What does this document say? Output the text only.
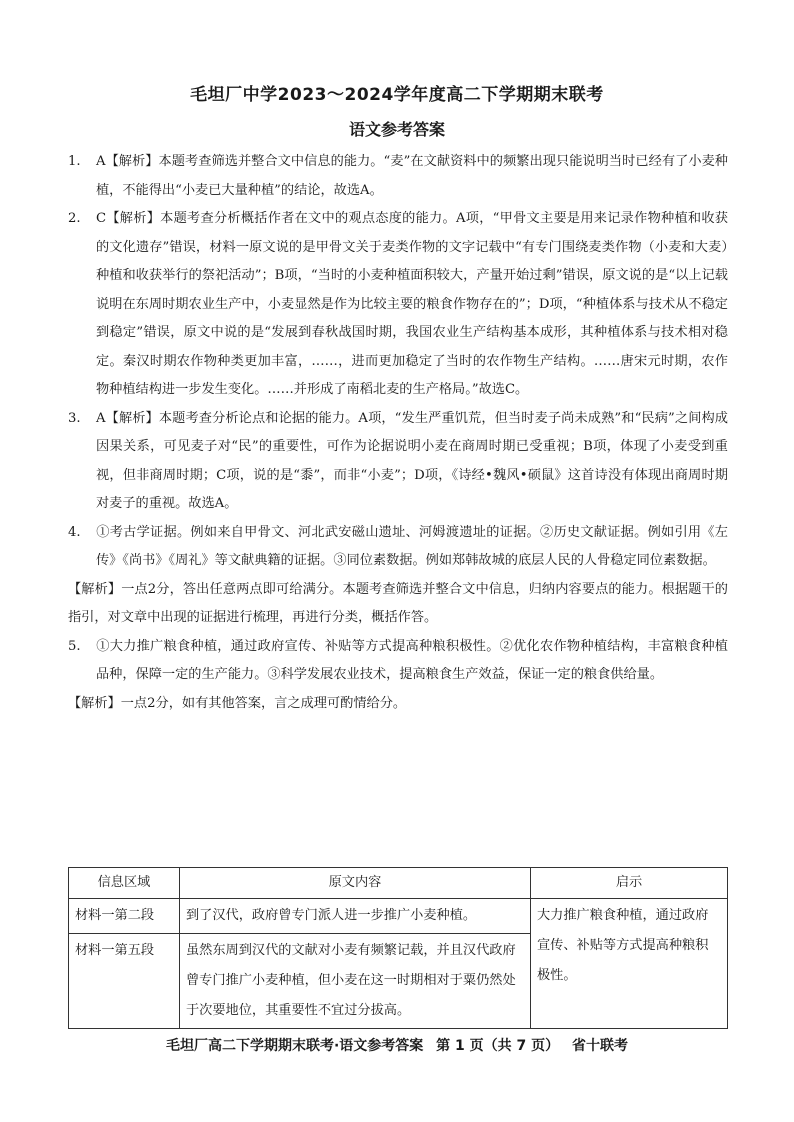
毛坦厂中学2023～2024学年度高二下学期期末联考
语文参考答案
1. A【解析】本题考查筛选并整合文中信息的能力。“麦”在文献资料中的频繁出现只能说明当时已经有了小麦种植，不能得出“小麦已大量种植”的结论，故选A。
2. C【解析】本题考查分析概括作者在文中的观点态度的能力。A项，“甲骨文主要是用来记录作物种植和收获的文化遗存”错误，材料一原文说的是甲骨文关于麦类作物的文字记载中“有专门围绕麦类作物（小麦和大麦）种植和收获举行的祭祀活动”；B项，“当时的小麦种植面积较大，产量开始过剩”错误，原文说的是“以上记载说明在东周时期农业生产中，小麦显然是作为比较主要的粮食作物存在的”；D项，“种植体系与技术从不稳定到稳定”错误，原文中说的是“发展到春秋战国时期，我国农业生产结构基本成形，其种植体系与技术相对稳定。秦汉时期农作物种类更加丰富，……，进而更加稳定了当时的农作物生产结构。……唐宋元时期，农作物种植结构进一步发生变化。……并形成了南稻北麦的生产格局。”故选C。
3. A【解析】本题考查分析论点和论据的能力。A项，“发生严重饥荒，但当时麦子尚未成熟”和“民病”之间构成因果关系，可见麦子对“民”的重要性，可作为论据说明小麦在商周时期已受重视；B项，体现了小麦受到重视，但非商周时期；C项，说的是“黍”，而非“小麦”；D项，《诗经•魏风•硕鼠》这首诗没有体现出商周时期对麦子的重视。故选A。
4. ①考古学证据。例如来自甲骨文、河北武安磁山遗址、河姆渡遗址的证据。②历史文献证据。例如引用《左传》《尚书》《周礼》等文献典籍的证据。③同位素数据。例如郑韩故城的底层人民的人骨稳定同位素数据。
【解析】一点2分，答出任意两点即可给满分。本题考查筛选并整合文中信息，归纳内容要点的能力。根据题干的指引，对文章中出现的证据进行梳理，再进行分类，概括作答。
5. ①大力推广粮食种植，通过政府宣传、补贴等方式提高种粮积极性。②优化农作物种植结构，丰富粮食种植品种，保障一定的生产能力。③科学发展农业技术，提高粮食生产效益，保证一定的粮食供给量。
【解析】一点2分，如有其他答案，言之成理可酌情给分。
信息区域	原文内容	启示
材料一第二段	到了汉代，政府曾专门派人进一步推广小麦种植。	大力推广粮食种植，通过政府宣传、补贴等方式提高种粮积极性。
材料一第五段	虽然东周到汉代的文献对小麦有频繁记载，并且汉代政府曾专门推广小麦种植，但小麦在这一时期相对于粟仍然处于次要地位，其重要性不宜过分拔高。	
毛坦厂高二下学期期末联考·语文参考答案 第 1 页（共 7 页） 省十联考
